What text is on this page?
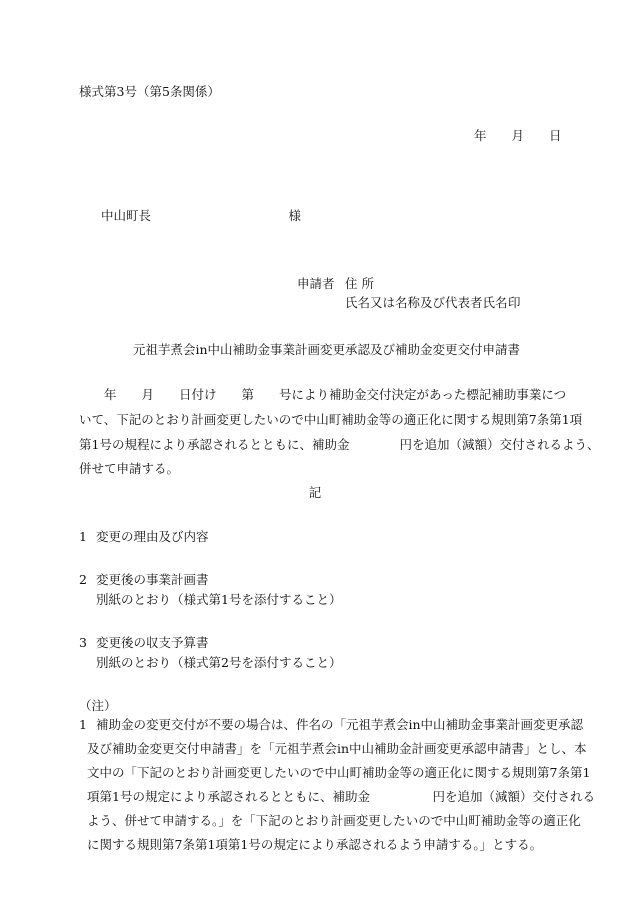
様式第3号（第5条関係）
年　　月　　日
中山町長　　　　　　　　　　　様
申請者 住 所
氏名又は名称及び代表者氏名 印
元祖芋煮会in中山補助金事業計画変更承認及び補助金変更交付申請書
　　年　　月　　日付け　　第　　号により補助金交付決定があった標記補助事業につ
いて、下記のとおり計画変更したいので中山町補助金等の適正化に関する規則第7条第1項
第1号の規程により承認されるとともに、補助金　　　　円を追加（減額）交付されるよう、
併せて申請する。
記
1 変更の理由及び内容
2 変更後の事業計画書
別紙のとおり（様式第1号を添付すること）
3 変更後の収支予算書
別紙のとおり（様式第2号を添付すること）
（注）
1 補助金の変更交付が不要の場合は、件名の「元祖芋煮会in中山補助金事業計画変更承認
及び補助金変更交付申請書」を「元祖芋煮会in中山補助金計画変更承認申請書」とし、本
文中の「下記のとおり計画変更したいので中山町補助金等の適正化に関する規則第7条第1
項第1号の規定により承認されるとともに、補助金　　　　　円を追加（減額）交付される
よう、併せて申請する。」を「下記のとおり計画変更したいので中山町補助金等の適正化
に関する規則第7条第1項第1号の規定により承認されるよう申請する。」とする。
